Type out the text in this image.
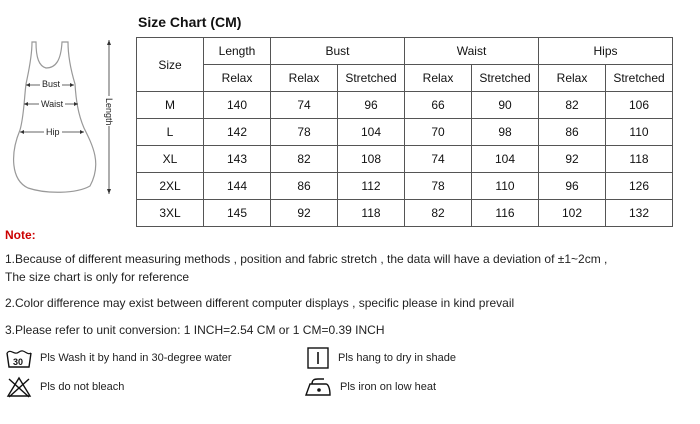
Bust
Waist
Hip
Length
Size Chart (CM)
Size	Length	Bust		Waist		Hips	
	Relax	Relax	Stretched	Relax	Stretched	Relax	Stretched
M	140	74	96	66	90	82	106
L	142	78	104	70	98	86	110
XL	143	82	108	74	104	92	118
2XL	144	86	112	78	110	96	126
3XL	145	92	118	82	116	102	132
Note:
1.Because of different measuring methods , position and fabric stretch , the data will have a deviation of ±1~2cm ,
The size chart is only for reference
2.Color difference may exist between different computer displays , specific please in kind prevail
3.Please refer to unit conversion: 1 INCH=2.54 CM or 1 CM=0.39 INCH
30 Pls Wash it by hand in 30-degree water
Pls do not bleach
Pls hang to dry in shade
Pls iron on low heat
